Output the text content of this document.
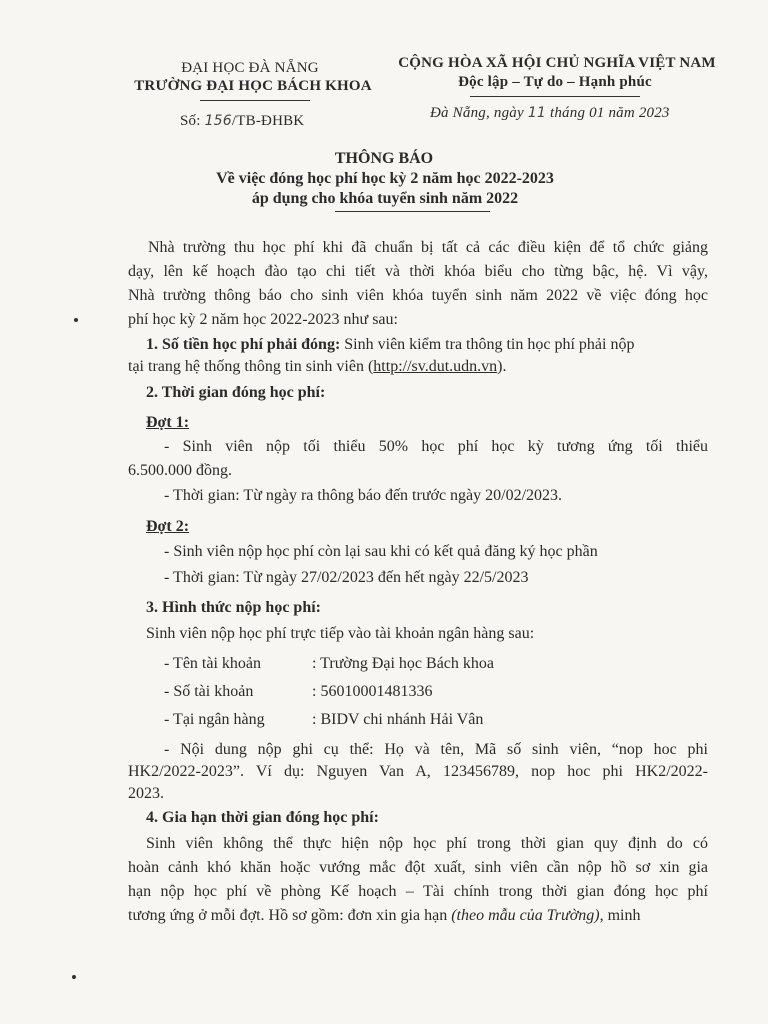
ĐẠI HỌC ĐÀ NẴNG
TRƯỜNG ĐẠI HỌC BÁCH KHOA
CỘNG HÒA XÃ HỘI CHỦ NGHĨA VIỆT NAM
Độc lập – Tự do – Hạnh phúc
Số: 156/TB-ĐHBK	Đà Nẵng, ngày 11 tháng 01 năm 2023
THÔNG BÁO
Về việc đóng học phí học kỳ 2 năm học 2022-2023
áp dụng cho khóa tuyển sinh năm 2022
Nhà trường thu học phí khi đã chuẩn bị tất cả các điều kiện để tổ chức giảng
dạy, lên kế hoạch đào tạo chi tiết và thời khóa biểu cho từng bậc, hệ. Vì vậy,
Nhà trường thông báo cho sinh viên khóa tuyển sinh năm 2022 về việc đóng học
phí học kỳ 2 năm học 2022-2023 như sau:
1. Số tiền học phí phải đóng: Sinh viên kiểm tra thông tin học phí phải nộp
tại trang hệ thống thông tin sinh viên (http://sv.dut.udn.vn).
2. Thời gian đóng học phí:
Đợt 1:
- Sinh viên nộp tối thiểu 50% học phí học kỳ tương ứng tối thiểu
6.500.000 đồng.
- Thời gian: Từ ngày ra thông báo đến trước ngày 20/02/2023.
Đợt 2:
- Sinh viên nộp học phí còn lại sau khi có kết quả đăng ký học phần
- Thời gian: Từ ngày 27/02/2023 đến hết ngày 22/5/2023
3. Hình thức nộp học phí:
Sinh viên nộp học phí trực tiếp vào tài khoản ngân hàng sau:
- Tên tài khoản	: Trường Đại học Bách khoa
- Số tài khoản	: 56010001481336
- Tại ngân hàng	: BIDV chi nhánh Hải Vân
- Nội dung nộp ghi cụ thể: Họ và tên, Mã số sinh viên, “nop hoc phi
HK2/2022-2023”. Ví dụ: Nguyen Van A, 123456789, nop hoc phi HK2/2022-
2023.
4. Gia hạn thời gian đóng học phí:
Sinh viên không thể thực hiện nộp học phí trong thời gian quy định do có
hoàn cảnh khó khăn hoặc vướng mắc đột xuất, sinh viên cần nộp hồ sơ xin gia
hạn nộp học phí về phòng Kế hoạch – Tài chính trong thời gian đóng học phí
tương ứng ở mỗi đợt. Hồ sơ gồm: đơn xin gia hạn (theo mẫu của Trường), minh
